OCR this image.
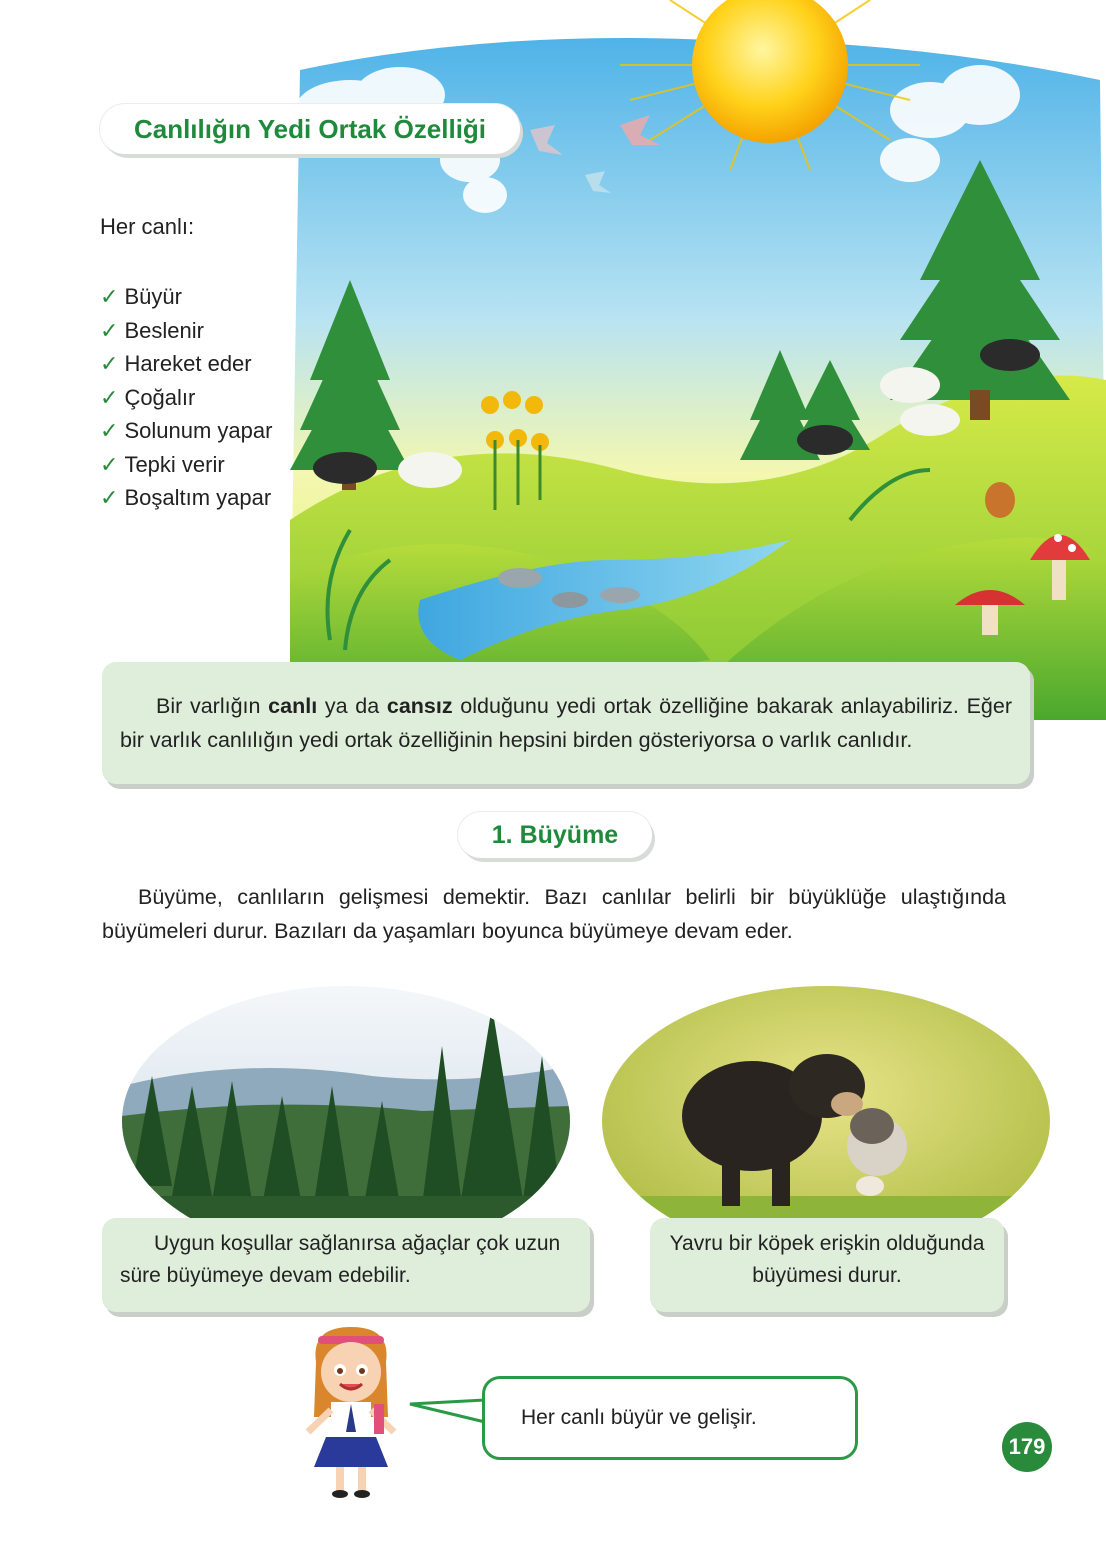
Canlılığın Yedi Ortak Özelliği
Her canlı:
✓ Büyür
✓ Beslenir
✓ Hareket eder
✓ Çoğalır
✓ Solunum yapar
✓ Tepki verir
✓ Boşaltım yapar

Bir varlığın canlı ya da cansız olduğunu yedi ortak özelliğine bakarak anlayabiliriz. Eğer bir varlık canlılığın yedi ortak özelliğinin hepsini birden gösteriyorsa o varlık canlıdır.

1. Büyüme

Büyüme, canlıların gelişmesi demektir. Bazı canlılar belirli bir büyüklüğe ulaştığında büyümeleri durur. Bazıları da yaşamları boyunca büyümeye devam eder.

Uygun koşullar sağlanırsa ağaçlar çok uzun süre büyümeye devam edebilir.

Yavru bir köpek erişkin olduğunda büyümesi durur.

Her canlı büyür ve gelişir.
179
